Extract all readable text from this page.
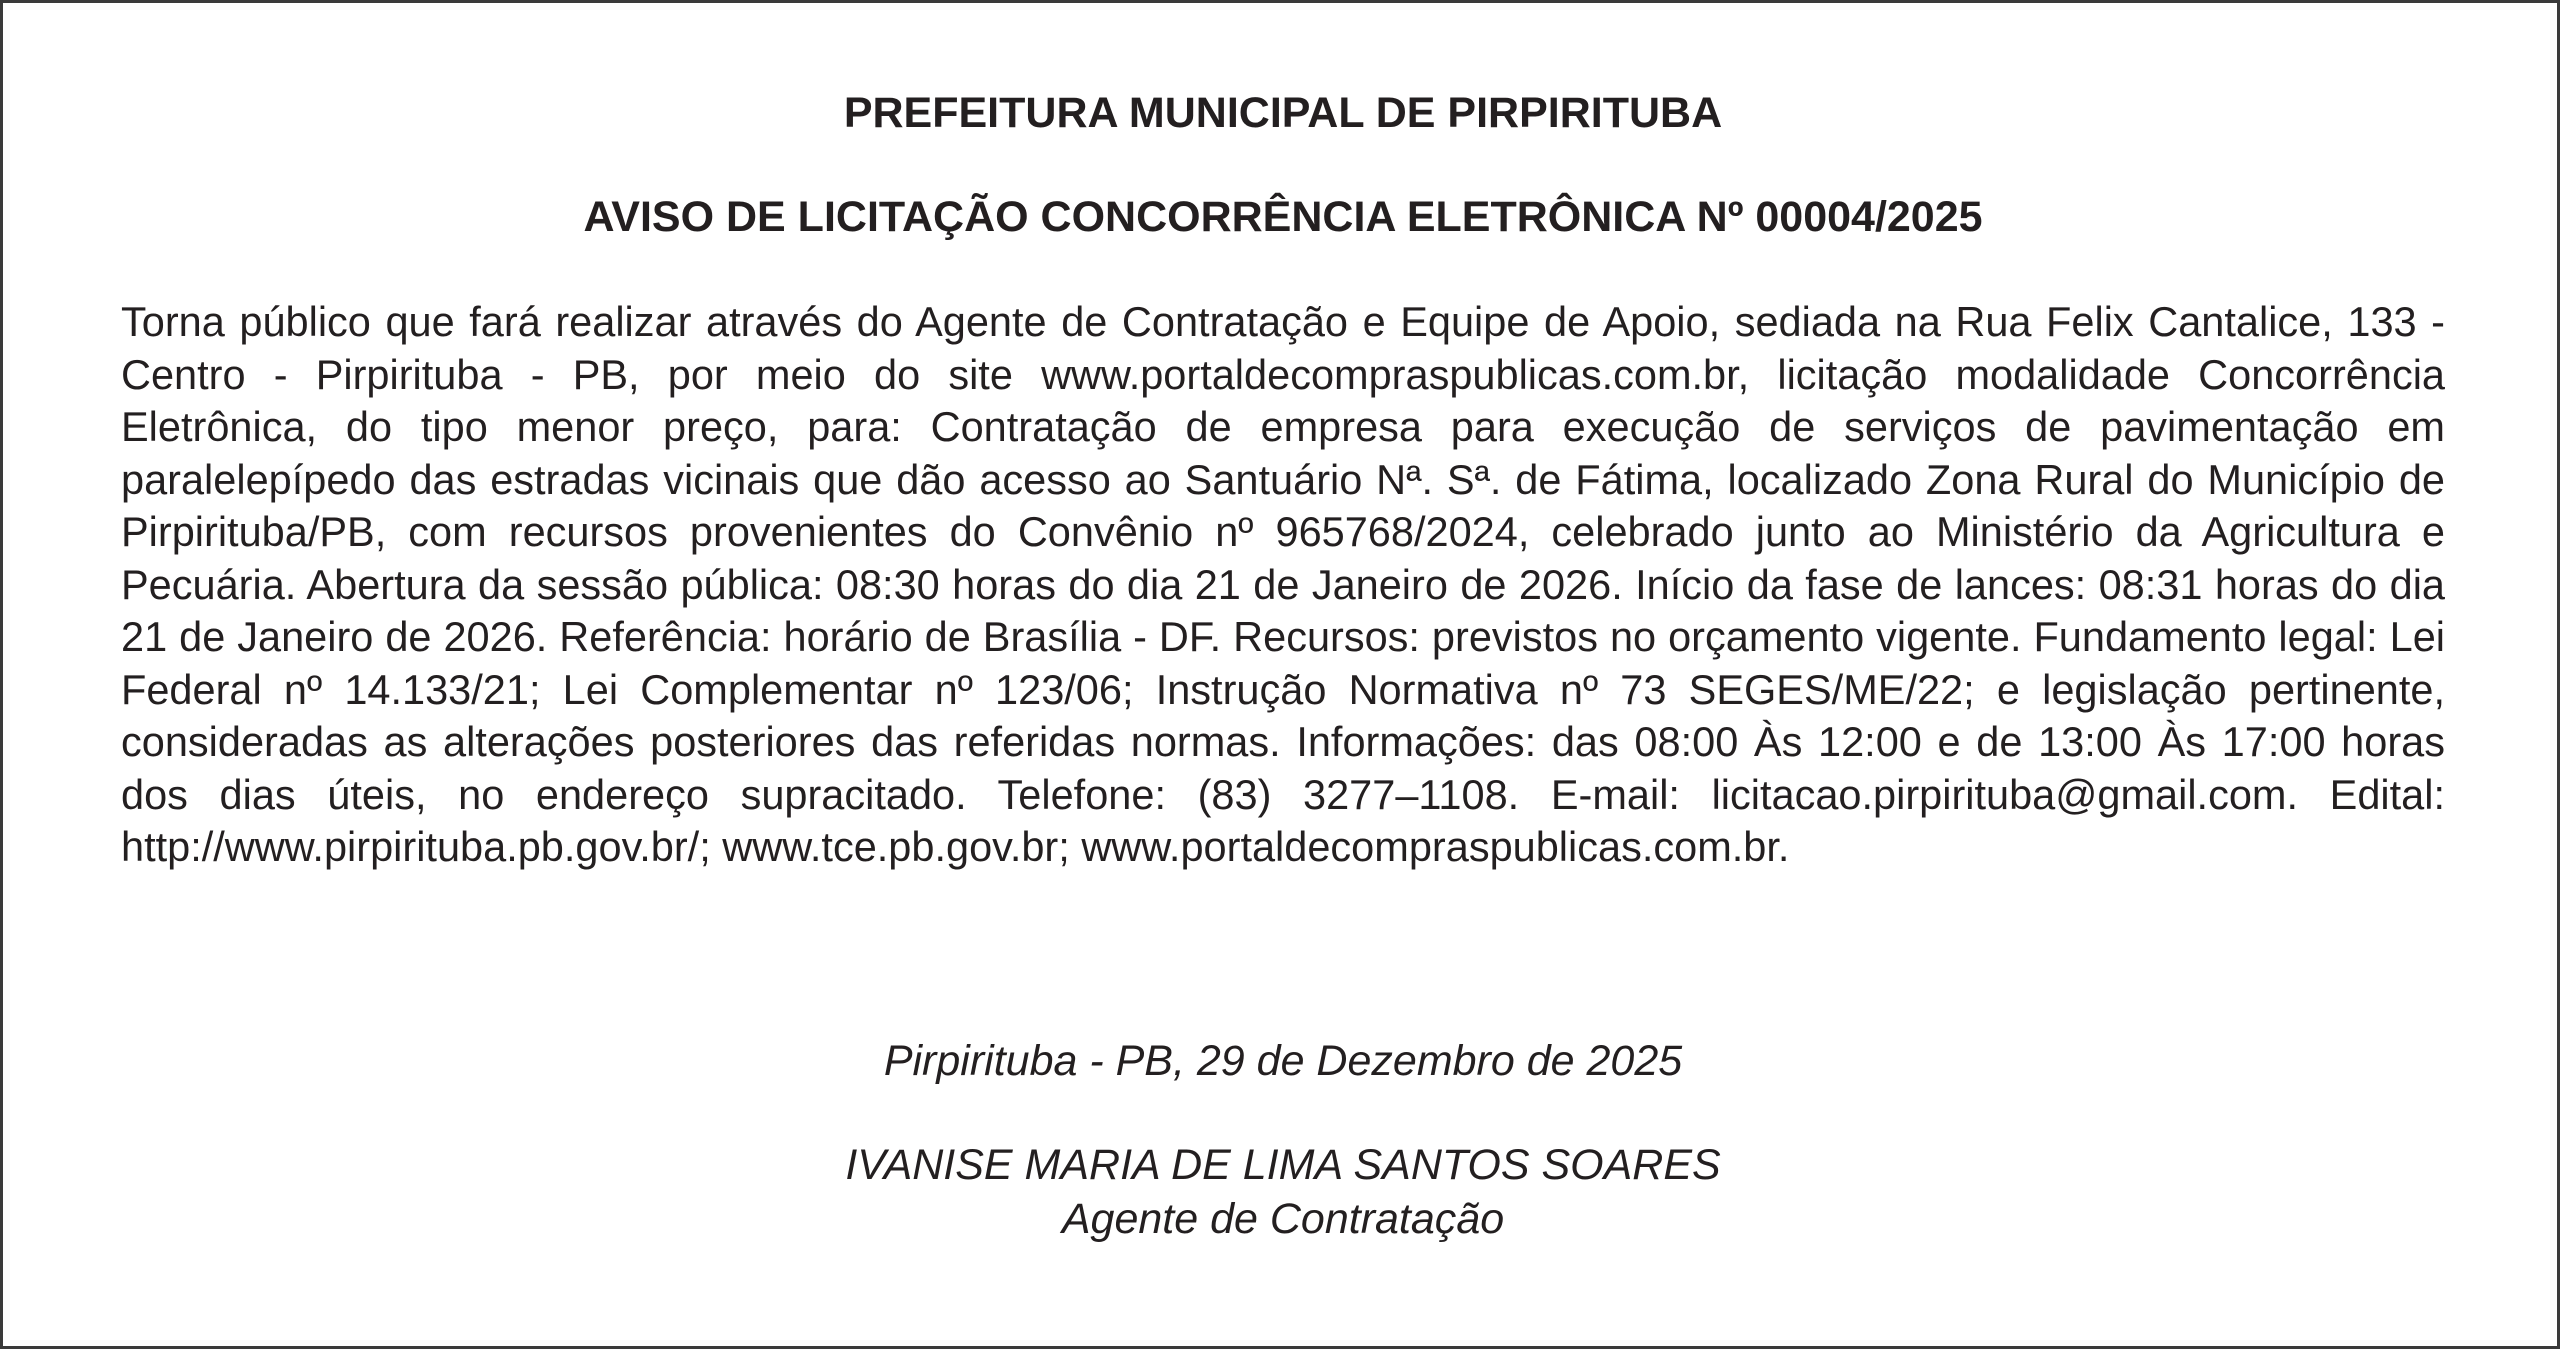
PREFEITURA MUNICIPAL DE PIRPIRITUBA
AVISO DE LICITAÇÃO CONCORRÊNCIA ELETRÔNICA Nº 00004/2025

Torna público que fará realizar através do Agente de Contratação e Equipe de Apoio, sediada na Rua Felix Cantalice, 133 - Centro - Pirpirituba - PB, por meio do site www.portaldecompraspublicas.com.br, licitação modalidade Concorrência Eletrônica, do tipo menor preço, para: Contratação de empresa para execução de serviços de pavimentação em paralelepípedo das estradas vicinais que dão acesso ao Santuário Nª. Sª. de Fátima, localizado Zona Rural do Município de Pirpirituba/PB, com recursos provenientes do Convênio nº 965768/2024, celebrado junto ao Ministério da Agricultura e Pecuária. Abertura da sessão pública: 08:30 horas do dia 21 de Janeiro de 2026. Início da fase de lances: 08:31 horas do dia 21 de Janeiro de 2026. Referência: horário de Brasília - DF. Recursos: previstos no orçamento vigente. Fundamento legal: Lei Federal nº 14.133/21; Lei Complementar nº 123/06; Instrução Normativa nº 73 SEGES/ME/22; e legislação pertinente, consideradas as alterações posteriores das referidas normas. Informações: das 08:00 Às 12:00 e de 13:00 Às 17:00 horas dos dias úteis, no endereço supracitado. Telefone: (83) 3277–1108. E-mail: licitacao.pirpirituba@gmail.com. Edital: http://www.pirpirituba.pb.gov.br/; www.tce.pb.gov.br; www.portaldecompraspublicas.com.br.

Pirpirituba - PB, 29 de Dezembro de 2025

IVANISE MARIA DE LIMA SANTOS SOARES

Agente de Contratação
